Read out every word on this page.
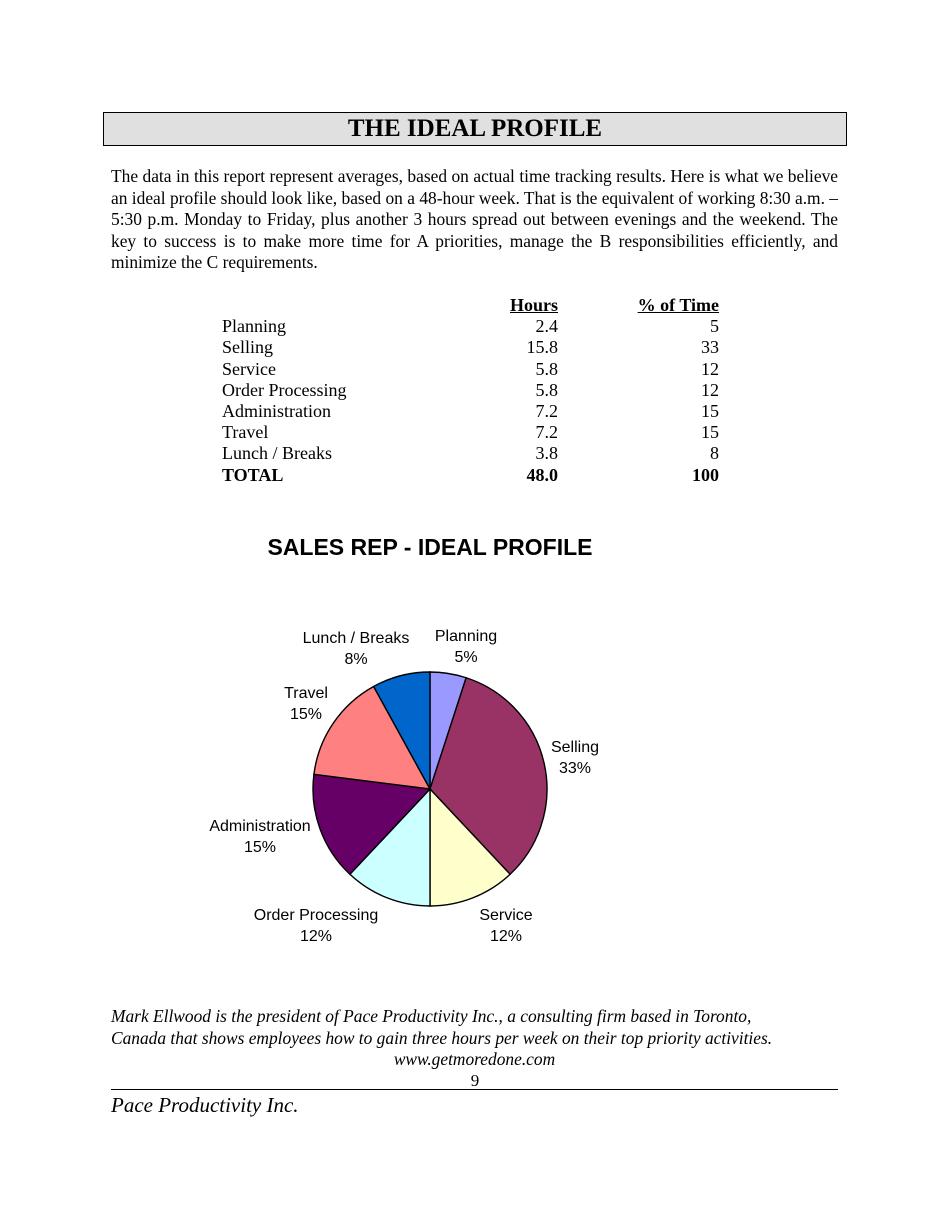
THE IDEAL PROFILE

The data in this report represent averages, based on actual time tracking results. Here is what we believe an ideal profile should look like, based on a 48-hour week. That is the equivalent of working 8:30 a.m. – 5:30 p.m. Monday to Friday, plus another 3 hours spread out between evenings and the weekend. The key to success is to make more time for A priorities, manage the B responsibilities efficiently, and minimize the C requirements.

	Hours	% of Time
Planning	2.4	5
Selling	15.8	33
Service	5.8	12
Order Processing	5.8	12
Administration	7.2	15
Travel	7.2	15
Lunch / Breaks	3.8	8
TOTAL	48.0	100
SALES REP - IDEAL PROFILE
Planning
5%
Selling
33%
Service
12%
Order Processing
12%
Administration
15%
Travel
15%
Lunch / Breaks
8%
Mark Ellwood is the president of Pace Productivity Inc., a consulting firm based in Toronto,
Canada that shows employees how to gain three hours per week on their top priority activities.
www.getmoredone.com
9
Pace Productivity Inc.
